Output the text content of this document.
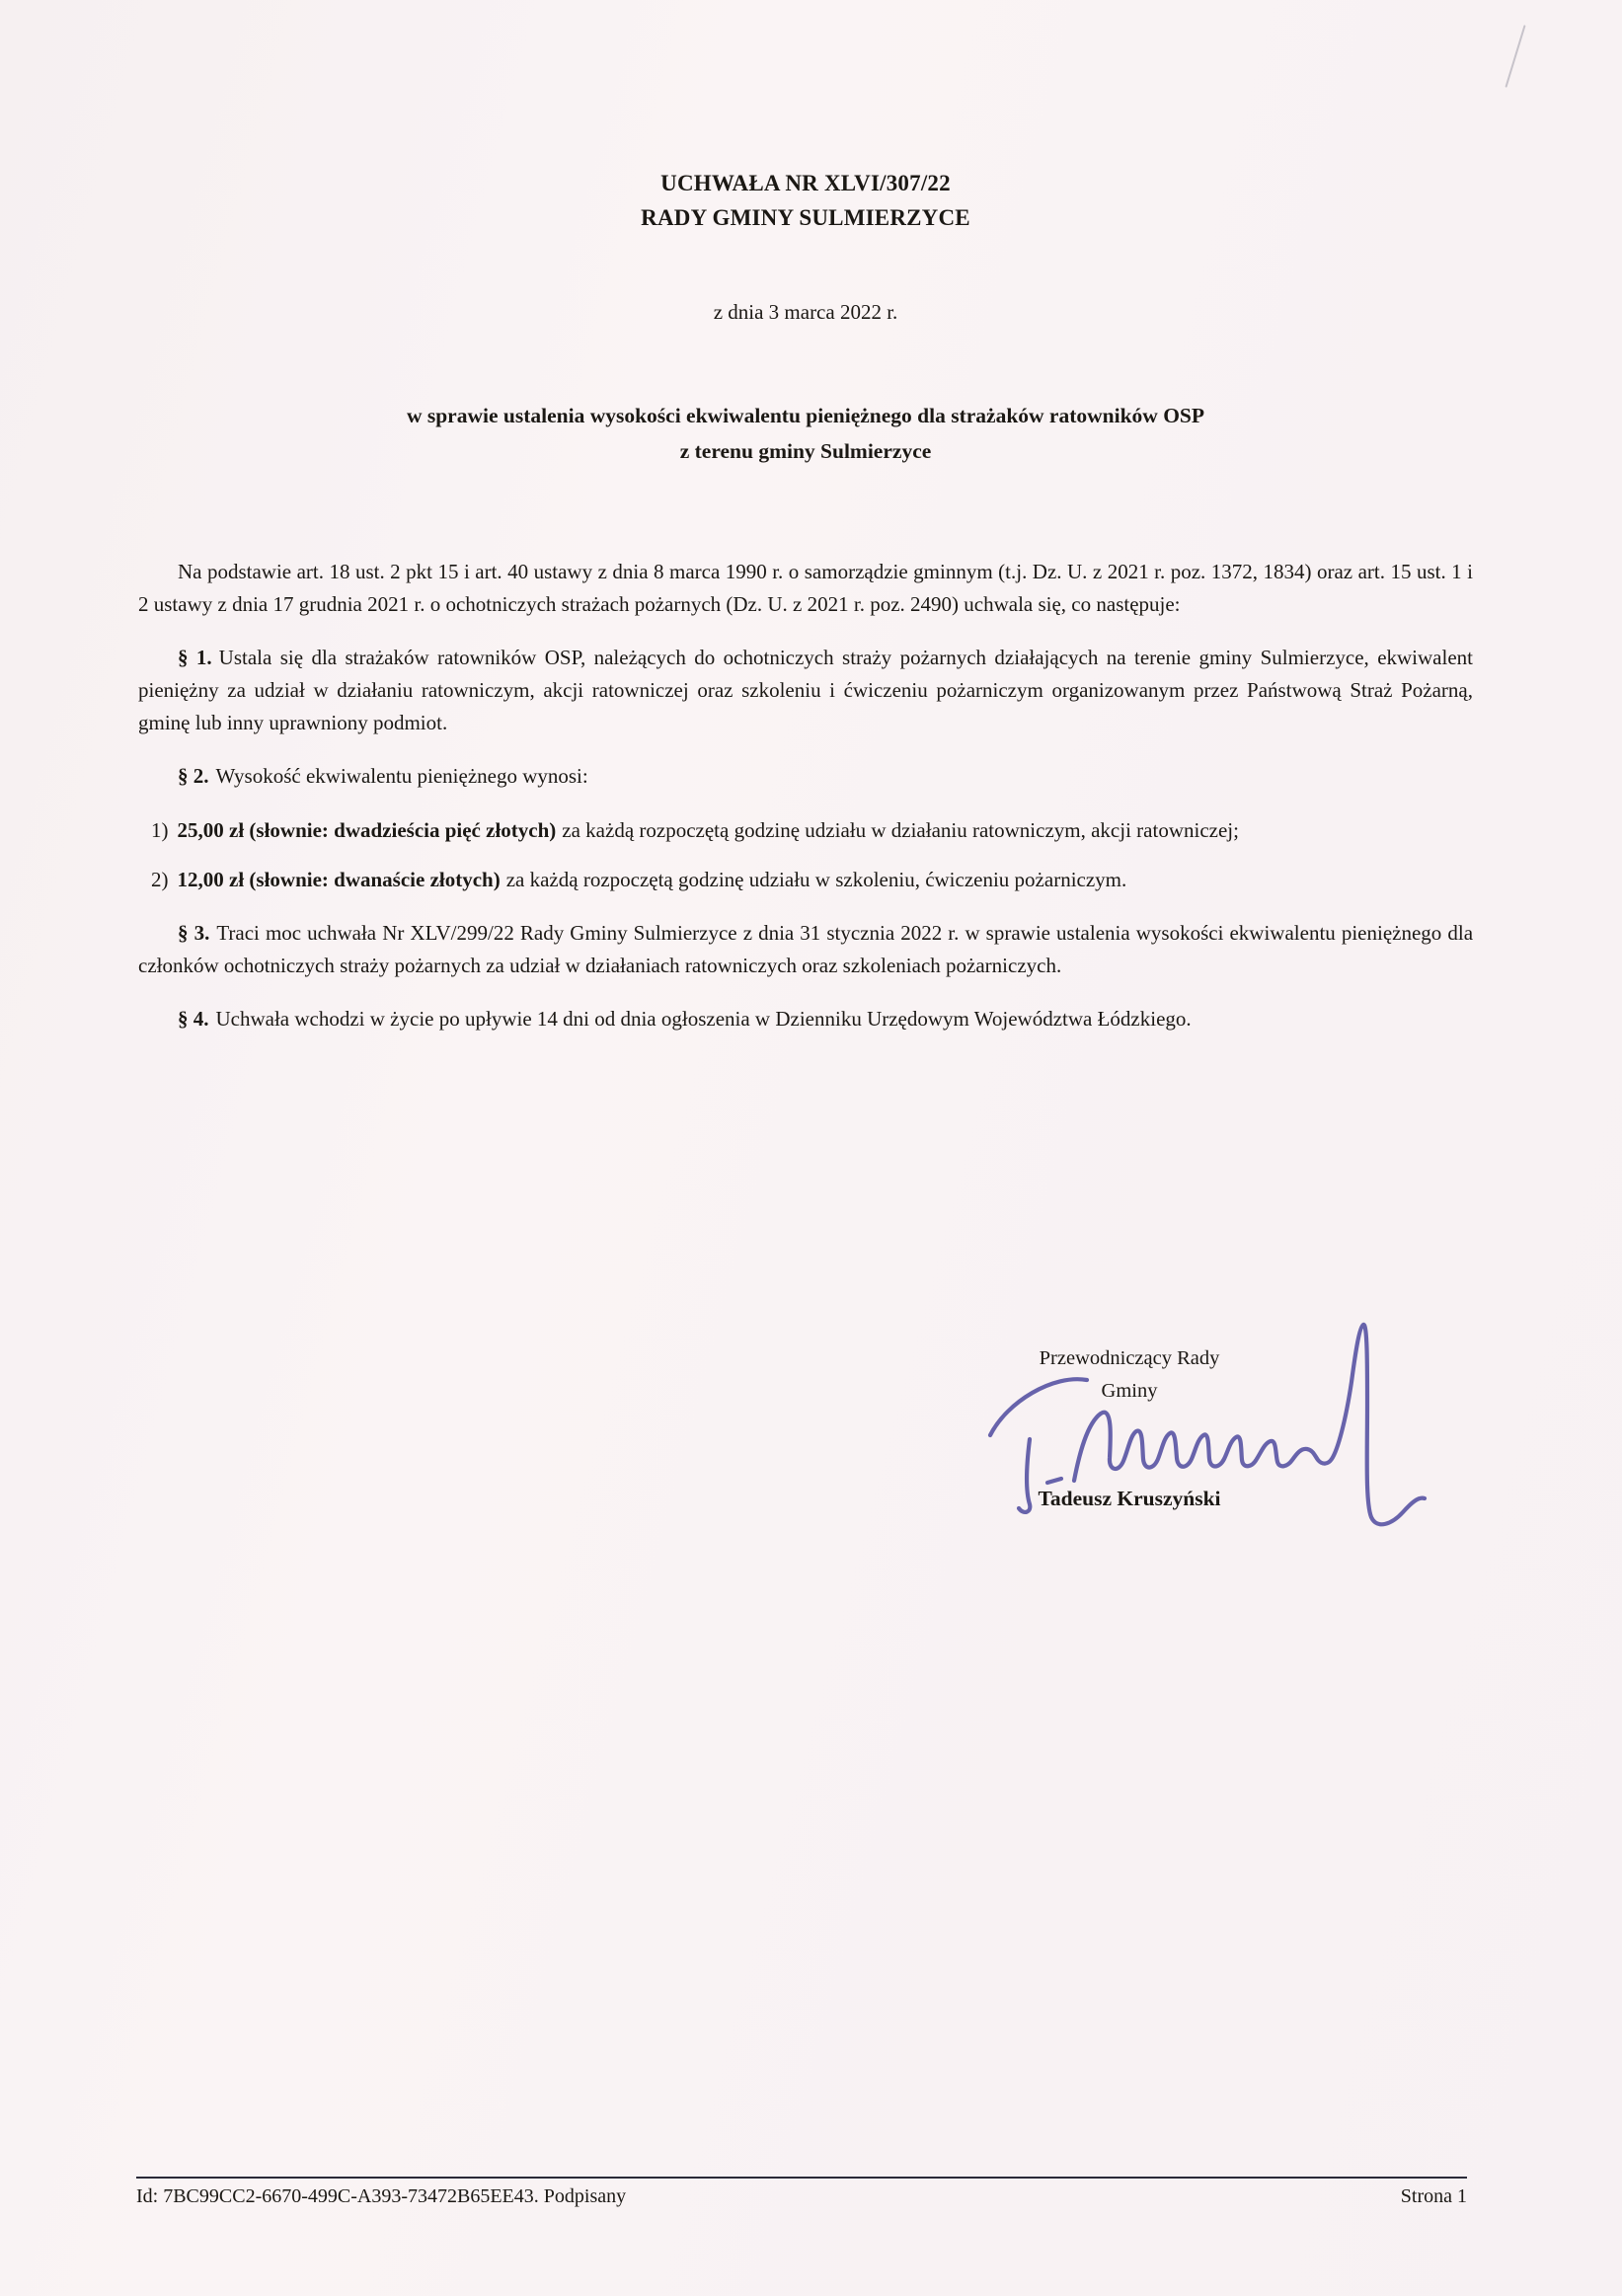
UCHWAŁA NR XLVI/307/22
RADY GMINY SULMIERZYCE
z dnia 3 marca 2022 r.
w sprawie ustalenia wysokości ekwiwalentu pieniężnego dla strażaków ratowników OSP
z terenu gminy Sulmierzyce

Na podstawie art. 18 ust. 2 pkt 15 i art. 40 ustawy z dnia 8 marca 1990 r. o samorządzie gminnym (t.j. Dz. U. z 2021 r. poz. 1372, 1834) oraz art. 15 ust. 1 i 2 ustawy z dnia 17 grudnia 2021 r. o ochotniczych strażach pożarnych (Dz. U. z 2021 r. poz. 2490) uchwala się, co następuje:

§ 1. Ustala się dla strażaków ratowników OSP, należących do ochotniczych straży pożarnych działających na terenie gminy Sulmierzyce, ekwiwalent pieniężny za udział w działaniu ratowniczym, akcji ratowniczej oraz szkoleniu i ćwiczeniu pożarniczym organizowanym przez Państwową Straż Pożarną, gminę lub inny uprawniony podmiot.

§ 2. Wysokość ekwiwalentu pieniężnego wynosi:

1) 25,00 zł (słownie: dwadzieścia pięć złotych) za każdą rozpoczętą godzinę udziału w działaniu ratowniczym, akcji ratowniczej;

2) 12,00 zł (słownie: dwanaście złotych) za każdą rozpoczętą godzinę udziału w szkoleniu, ćwiczeniu pożarniczym.

§ 3. Traci moc uchwała Nr XLV/299/22 Rady Gminy Sulmierzyce z dnia 31 stycznia 2022 r. w sprawie ustalenia wysokości ekwiwalentu pieniężnego dla członków ochotniczych straży pożarnych za udział w działaniach ratowniczych oraz szkoleniach pożarniczych.

§ 4. Uchwała wchodzi w życie po upływie 14 dni od dnia ogłoszenia w Dzienniku Urzędowym Województwa Łódzkiego.

Przewodniczący Rady
Gminy
Tadeusz Kruszyński
Id: 7BC99CC2-6670-499C-A393-73472B65EE43. Podpisany	Strona 1
